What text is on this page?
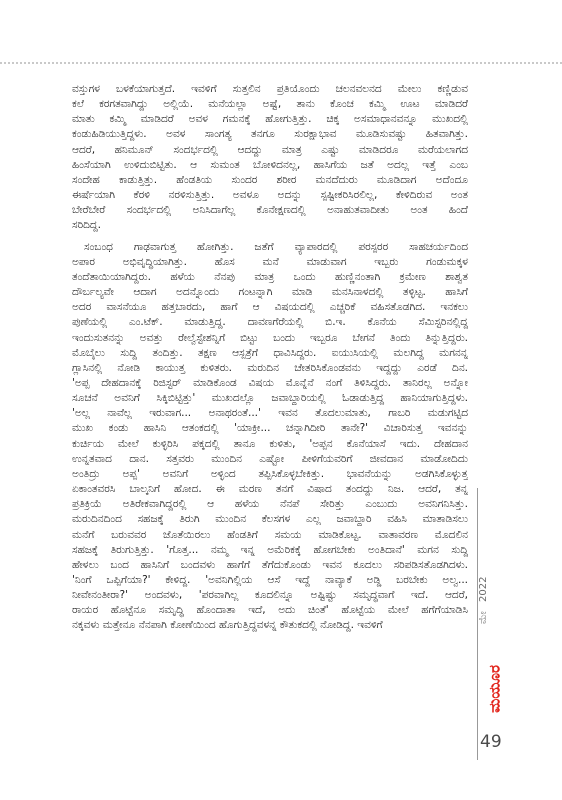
ವಸ್ತುಗಳ ಬಳಕೆಯಾಗುತ್ತದೆ. ಇವಳಿಗೆ ಸುತ್ತಲಿನ ಪ್ರತಿಯೊಂದು ಚಲನವಲನದ ಮೇಲು ಕಣ್ಣಿಡುವ
ಕಲೆ ಕರಗತವಾಗಿದ್ದು ಅಲ್ಲಿಯೆ. ಮನೆಯಲ್ಲಾ ಅಷ್ಟೆ, ತಾನು ಕೊಂಚ ಕಮ್ಮಿ ಊಟ ಮಾಡಿದರೆ
ಮಾತು ಕಮ್ಮಿ ಮಾಡಿದರೆ ಅವಳ ಗಮನಕ್ಕೆ ಹೋಗುತ್ತಿತ್ತು. ಚಿಕ್ಕ ಅಸಮಾಧಾನವನ್ನೂ ಮುಖದಲ್ಲಿ
ಕಂಡುಹಿಡಿಯುತ್ತಿದ್ದಳು. ಅವಳ ಸಾಂಗತ್ಯ ತನಗೂ ಸುರಕ್ಷಾಭಾವ ಮೂಡಿಸುವಷ್ಟು ಹಿತವಾಗಿತ್ತು.
ಆದರೆ, ಹನಿಮೂನ್ ಸಂದರ್ಭದಲ್ಲಿ ಆದದ್ದು ಮಾತ್ರ ಎಷ್ಟು ಮಾಡಿದರೂ ಮರೆಯಲಾಗದ
ಹಿಂಸೆಯಾಗಿ ಉಳಿದುಬಿಟ್ಟಿತು. ಆ ಸುಮಂತ ಬೋಳಿದನಲ್ಲ, ಹಾಸಿಗೆಯ ಜತೆ ಅದಲ್ಲ ಇತ್ತೆ ಎಂಬ
ಸಂದೇಹ ಕಾಡುತ್ತಿತ್ತು. ಹೆಂಡತಿಯ ಸುಂದರ ಶರೀರ ಮನದೆದುರು ಮೂಡಿದಾಗ ಅದೆಂದೂ
ಈರ್ಷೆಯಾಗಿ ಕೆರಳಿ ನರಳಿಸುತ್ತಿತ್ತು. ಅವಳೂ ಅದನ್ನು ಸ್ಪಷ್ಟೀಕರಿಸಿರಲಿಲ್ಲ, ಕೇಳಿದಿರುವ ಅಂತ
ಬೇರೆಬೇರೆ ಸಂದರ್ಭದಲ್ಲಿ ಅನಿಸಿದಾಗೆಲ್ಲ ಕೊನೇಕ್ಷಣದಲ್ಲಿ ಅನಾಹುತವಾದೀತು ಅಂತ ಹಿಂದೆ
ಸರಿದಿದ್ದ.
ಸಂಬಂಧ ಗಾಢವಾಗುತ್ತ ಹೋಗಿತ್ತು. ಜತೆಗೆ ವ್ಯಾಪಾರದಲ್ಲಿ ಪರಸ್ಪರರ ಸಾಹಚರ್ಯದಿಂದ
ಅಪಾರ ಅಭಿವೃದ್ಧಿಯಾಗಿತ್ತು. ಹೊಸ ಮನೆ ಮಾಡುವಾಗ ಇಬ್ಬರು ಗಂಡುಮಕ್ಕಳ
ತಂದೆತಾಯಿಯಾಗಿದ್ದರು. ಹಳೆಯ ನೆನಪು ಮಾತ್ರ ಒಂದು ಹುಣ್ಣಿನಂತಾಗಿ ಕ್ರಮೇಣ ಶಾಶ್ವತ
ದೌರ್ಬಲ್ಯವೇ ಆದಾಗ ಅದನ್ನೊಂದು ಗಂಟನ್ನಾಗಿ ಮಾಡಿ ಮನಸಿನಾಳದಲ್ಲಿ ತಳ್ಳಿಟ್ಟ. ಹಾಸಿಗೆ
ಅದರ ವಾಸನೆಯೂ ಹತ್ತಬಾರದು, ಹಾಗೆ ಆ ವಿಷಯದಲ್ಲಿ ಎಚ್ಚರಿಕೆ ವಹಿಸತೊಡಗಿದ. ಇನಕಲು
ಪುಣೆಯಲ್ಲಿ ಎಂ.ಟೆಕ್. ಮಾಡುತ್ತಿದ್ದ. ದಾವಣಗೆರೆಯಲ್ಲಿ ಬಿ.ಇ. ಕೊನೆಯ ಸೆಮಿಸ್ಟರಿನಲ್ಲಿದ್ದ
ಇಂದುಸುತನನ್ನು ಅವತ್ತು ರೇಲ್ವೆಸ್ಟೇಶನ್ನಿಗೆ ಬಿಟ್ಟು ಬಂದು ಇಬ್ಬರೂ ಬೇಗನೆ ತಿಂದು ತಿನ್ನುತ್ತಿದ್ದರು.
ಮೊಬೈಲು ಸುದ್ದಿ ತಂದಿತ್ತು. ತಕ್ಷಣ ಆಸ್ಪತ್ರೆಗೆ ಧಾವಿಸಿದ್ದರು. ಐಯುಸಿಯಲ್ಲಿ ಮಲಗಿದ್ದ ಮಗನನ್ನ
ಗ್ಲಾಸಿನಲ್ಲಿ ನೋಡಿ ಕಾಯುತ್ತ ಕುಳಿತರು. ಮರುದಿನ ಚೇತರಿಸಿಕೊಂಡವನು ಇದ್ದದ್ದು ಎರಡೆ ದಿನ.
'ಅಪ್ಪ ದೇಹದಾನಕ್ಕೆ ರಿಜಿಸ್ಟರ್ ಮಾಡಿಕೊಂಡ ವಿಷಯ ಮೊನ್ನೆನೆ ನಂಗೆ ತಿಳಿಸಿದ್ದರು. ತಾನಿರಲ್ಲ ಅನ್ನೋ
ಸೂಚನೆ ಅವನಿಗೆ ಸಿಕ್ಕಿಬಿಟ್ಟಿತ್ತು' ಮುಖದಲ್ಲೊ ಜವಾಬ್ದಾರಿಯಲ್ಲಿ ಓಡಾಡುತ್ತಿದ್ದ ಹಾನಿಯಾಗುತ್ತಿದ್ದಳು.
'ಅಲ್ಲ ನಾವೆಲ್ಲ ಇರುವಾಗ... ಅನಾಥರಂತೆ...' ಇವನ ತೊದಲುಮಾತು, ಗಾಬರಿ ಮಡುಗಟ್ಟಿದ
ಮುಖ ಕಂಡು ಹಾಸಿನಿ ಆತಂಕದಲ್ಲಿ 'ಯಾಕ್ರೀ... ಚನ್ನಾಗಿದೀರಿ ತಾನೇ?' ವಿಚಾರಿಸುತ್ತ ಇವನನ್ನು
ಕುರ್ಚಿಯ ಮೇಲೆ ಕುಳ್ಳಿರಿಸಿ ಪಕ್ಕದಲ್ಲಿ ತಾನೂ ಕುಳಿತು, 'ಅಪ್ಪನ ಕೊನೆಯಾಸೆ ಇದು. ದೇಹದಾನ
ಉನ್ನತವಾದ ದಾನ. ಸತ್ತವರು ಮುಂದಿನ ಎಷ್ಟೋ ಪೀಳಿಗೆಯವರಿಗೆ ಜೀವದಾನ ಮಾಡೋದಿದು
ಅಂತಿದ್ರು ಅಪ್ಪ' ಅವನಿಗೆ ಅಳ್ಳಿಂದ ತಪ್ಪಿಸಿಕೊಳ್ಳಬೇಕಿತ್ತು. ಭಾವನೆಯನ್ನು ಅಡಗಿಸಿಕೊಳ್ಳುತ್ತ
ಏಕಾಂತವರಸಿ ಬಾಲ್ಕನಿಗೆ ಹೋದ. ಈ ಮರಣ ತನಗೆ ವಿಷಾದ ತಂದದ್ದು ನಿಜ. ಆದರೆ, ತನ್ನ
ಪ್ರತಿಕ್ರಿಯೆ ಅತಿರೇಕವಾಗಿದ್ದರಲ್ಲಿ ಆ ಹಳೆಯ ನೆನಪೆ ಸೇರಿತ್ತು ಎಂಬುದು ಅವನಿಗನಿಸಿತ್ತು.
ಮರುದಿನದಿಂದ ಸಹಜಕ್ಕೆ ತಿರುಗಿ ಮುಂದಿನ ಕೆಲಸಗಳ ಎಲ್ಲ ಜವಾಬ್ದಾರಿ ವಹಿಸಿ ಮಾತಾಡಿಸಲು
ಮನೆಗೆ ಬರುವವರ ಜೊತೆಯಿರಲು ಹೆಂಡತಿಗೆ ಸಮಯ ಮಾಡಿಕೊಟ್ಟ. ವಾತಾವರಣ ಮೊದಲಿನ
ಸಹಜಕ್ಕೆ ತಿರುಗುತ್ತಿತ್ತು. 'ಗೊತ್ತ... ನಮ್ಮ ಇನ್ನ ಅಮೆರಿಕಕ್ಕೆ ಹೋಗಬೇಕು ಅಂತಿದಾನೆ' ಮಗನ ಸುದ್ದಿ
ಹೇಳಲು ಬಂದ ಹಾಸಿನಿಗೆ ಬಂದವಳು ಹಾಗೆಗೆ ತೆಗೆದುಕೊಂಡು ಇವನ ಕೂದಲು ಸರಿಪಡಿಸತೊಡಗಿದಳು.
'ನಿಂಗೆ ಒಪ್ಪಿಗೆಯಾ?' ಕೇಳಿದ್ದ. 'ಅವನಿಗಿಲ್ಲಿಯ ಆಸೆ ಇದ್ದೆ ನಾವ್ಯಾಕೆ ಅಡ್ಡಿ ಬರಬೇಕು ಅಲ್ವ...
ನೀವೇನಂತೀರಾ?' ಅಂದವಳು, 'ಪರವಾಗಿಲ್ಲ ಕೂದಲಿನ್ನೂ ಅಷ್ಟಿಷ್ಟು ಸಮೃದ್ಧವಾಗೆ ಇದೆ. ಆದರೆ,
ರಾಯರ ಹೊಟ್ಟೆನೂ ಸಮೃದ್ಧಿ ಹೊಂದಾತಾ ಇದೆ, ಅದು ಚಿಂತೆ' ಹೊಟ್ಟೆಯ ಮೇಲೆ ಹಗೆಗೆಯಾಡಿಸಿ
ನಕ್ಕವಳು ಮತ್ತೇನೂ ನೆನಪಾಗಿ ಕೋಣೆಯಿಂದ ಹೊಗುತ್ತಿದ್ದವಳನ್ನ ಕೌತುಕದಲ್ಲಿ ನೋಡಿದ್ದ. ಇವಳಿಗೆ
ಮೇ   2022
ಮಯೂರ
49
